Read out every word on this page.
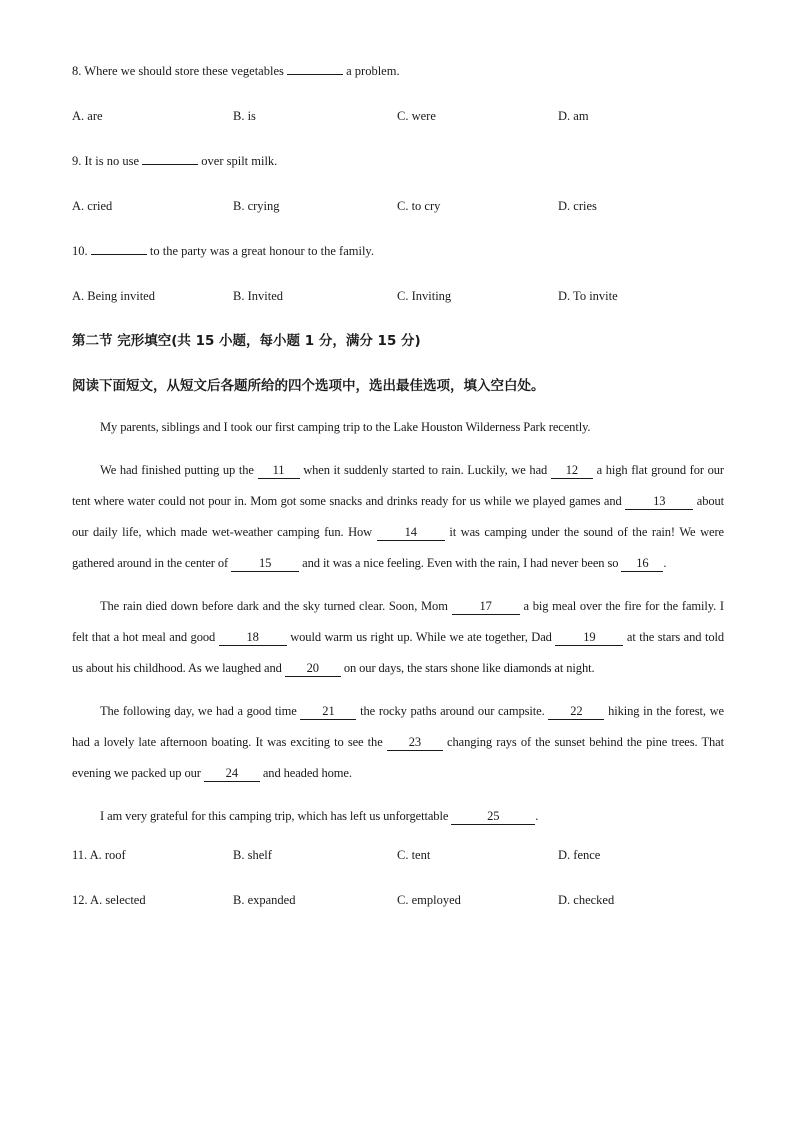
8. Where we should store these vegetables	a problem.
A. are	B. is	C. were	D. am
9. It is no use	over spilt milk.
A. cried	B. crying	C. to cry	D. cries
10.	to the party was a great honour to the family.
A. Being invited	B. Invited	C. Inviting	D. To invite
第二节 完形填空(共 15 小题，每小题 1 分，满分 15 分)
阅读下面短文，从短文后各题所给的四个选项中，选出最佳选项，填入空白处。
My parents, siblings and I took our first camping trip to the Lake Houston Wilderness Park recently.
We had finished putting up the 11 when it suddenly started to rain. Luckily, we had 12 a high flat ground for our tent where water could not pour in. Mom got some snacks and drinks ready for us while we played games and 13 about our daily life, which made wet-weather camping fun. How 14 it was camping under the sound of the rain! We were gathered around in the center of 15 and it was a nice feeling. Even with the rain, I had never been so 16 .
The rain died down before dark and the sky turned clear. Soon, Mom 17 a big meal over the fire for the family. I felt that a hot meal and good 18 would warm us right up. While we ate together, Dad 19 at the stars and told us about his childhood. As we laughed and 20 on our days, the stars shone like diamonds at night.
The following day, we had a good time 21 the rocky paths around our campsite. 22 hiking in the forest, we had a lovely late afternoon boating. It was exciting to see the 23 changing rays of the sunset behind the pine trees. That evening we packed up our 24 and headed home.
I am very grateful for this camping trip, which has left us unforgettable	25	.
11. A. roof	B. shelf	C. tent	D. fence
12. A. selected	B. expanded	C. employed	D. checked
